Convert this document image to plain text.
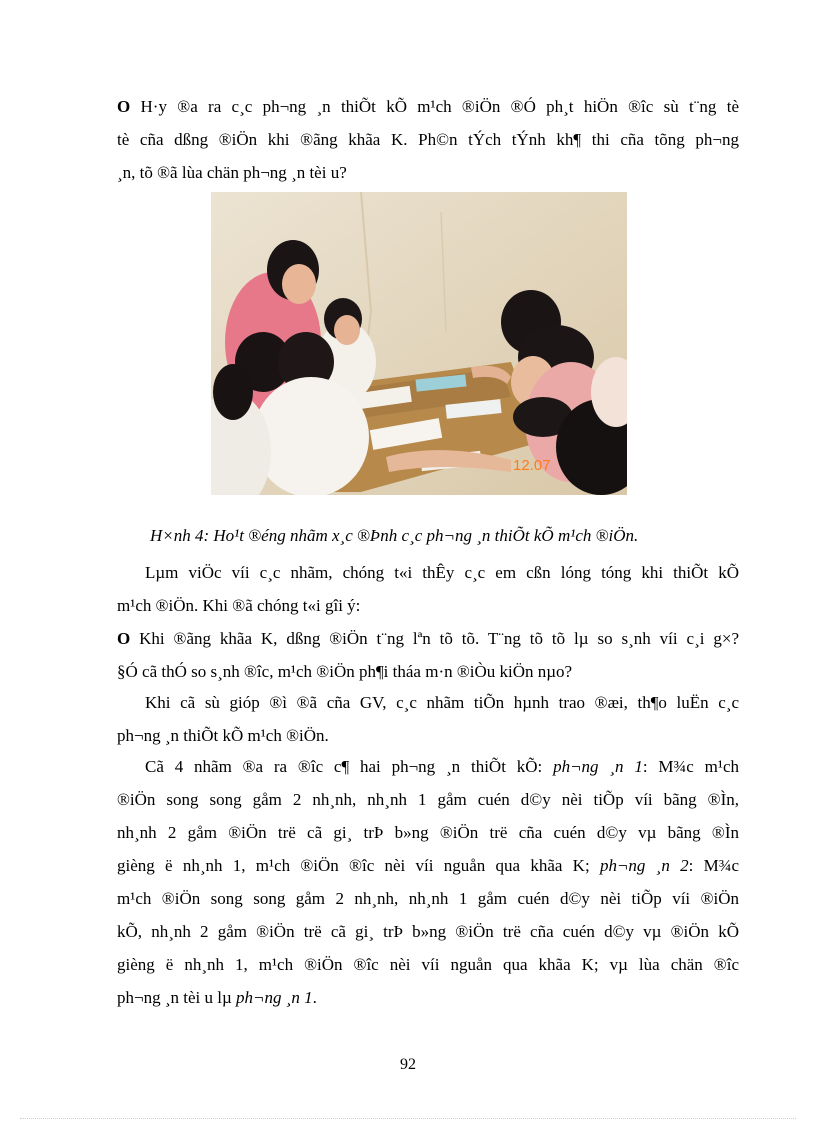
O H·y ®a ra c¸c ph¬ng ¸n thiÕt kÕ m¹ch ®iÖn ®Ó ph¸t hiÖn ®îc sù t¨ng tè
tè cña dßng ®iÖn khi ®ãng khãa K. Ph©n tÝch tÝnh kh¶ thi cña tõng ph¬ng
¸n, tõ ®ã lùa chän ph¬ng ¸n tèi u?
12.07
H×nh 4: Ho¹t ®éng nhãm x¸c ®Þnh c¸c ph¬ng ¸n thiÕt kÕ m¹ch ®iÖn.
Lµm viÖc víi c¸c nhãm, chóng t«i thÊy c¸c em cßn lóng tóng khi thiÕt kÕ
m¹ch ®iÖn. Khi ®ã chóng t«i gîi ý:
O Khi ®ãng khãa K, dßng ®iÖn t¨ng lªn tõ tõ. T¨ng tõ tõ lµ so s¸nh víi c¸i g×?
§Ó cã thÓ so s¸nh ®îc, m¹ch ®iÖn ph¶i tháa m·n ®iÒu kiÖn nµo?
Khi cã sù gióp ®ì ®ã cña GV, c¸c nhãm tiÕn hµnh trao ®æi, th¶o luËn c¸c
ph¬ng ¸n thiÕt kÕ m¹ch ®iÖn.
Cã 4 nhãm ®a ra ®îc c¶ hai ph¬ng ¸n thiÕt kÕ: ph¬ng ¸n 1: M¾c m¹ch
®iÖn song song gåm 2 nh¸nh, nh¸nh 1 gåm cuén d©y nèi tiÕp víi bãng ®Ìn,
nh¸nh 2 gåm ®iÖn trë cã gi¸ trÞ b»ng ®iÖn trë cña cuén d©y vµ bãng ®Ìn
gièng ë nh¸nh 1, m¹ch ®iÖn ®îc nèi víi nguån qua khãa K; ph¬ng ¸n 2: M¾c
m¹ch ®iÖn song song gåm 2 nh¸nh, nh¸nh 1 gåm cuén d©y nèi tiÕp víi ®iÖn
kÕ, nh¸nh 2 gåm ®iÖn trë cã gi¸ trÞ b»ng ®iÖn trë cña cuén d©y vµ ®iÖn kÕ
gièng ë nh¸nh 1, m¹ch ®iÖn ®îc nèi víi nguån qua khãa K; vµ lùa chän ®îc
ph¬ng ¸n tèi u lµ ph¬ng ¸n 1.
92
